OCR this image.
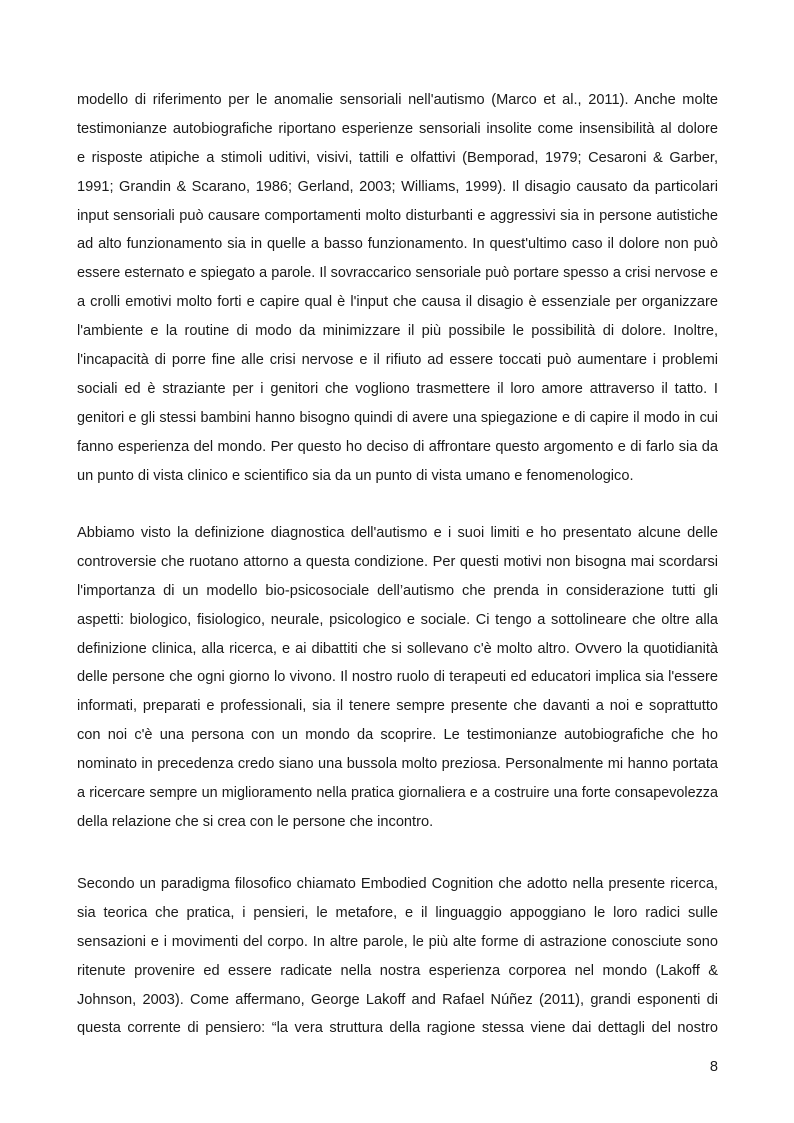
modello di riferimento per le anomalie sensoriali nell'autismo (Marco et al., 2011). Anche molte
testimonianze autobiografiche riportano esperienze sensoriali insolite come insensibilità al dolore
e risposte atipiche a stimoli uditivi, visivi, tattili e olfattivi (Bemporad, 1979; Cesaroni & Garber,
1991; Grandin & Scarano, 1986; Gerland, 2003; Williams, 1999). Il disagio causato da particolari
input sensoriali può causare comportamenti molto disturbanti e aggressivi sia in persone autistiche
ad alto funzionamento sia in quelle a basso funzionamento. In quest'ultimo caso il dolore non può
essere esternato e spiegato a parole. Il sovraccarico sensoriale può portare spesso a crisi nervose e
a crolli emotivi molto forti e capire qual è l'input che causa il disagio è essenziale per organizzare
l'ambiente e la routine di modo da minimizzare il più possibile le possibilità di dolore. Inoltre,
l'incapacità di porre fine alle crisi nervose e il rifiuto ad essere toccati può aumentare i problemi
sociali ed è straziante per i genitori che vogliono trasmettere il loro amore attraverso il tatto. I
genitori e gli stessi bambini hanno bisogno quindi di avere una spiegazione e di capire il modo in cui
fanno esperienza del mondo. Per questo ho deciso di affrontare questo argomento e di farlo sia da
un punto di vista clinico e scientifico sia da un punto di vista umano e fenomenologico.
Abbiamo visto la definizione diagnostica dell'autismo e i suoi limiti e ho presentato alcune delle
controversie che ruotano attorno a questa condizione. Per questi motivi non bisogna mai scordarsi
l'importanza di un modello bio-psicosociale dell’autismo che prenda in considerazione tutti gli
aspetti: biologico, fisiologico, neurale, psicologico e sociale. Ci tengo a sottolineare che oltre alla
definizione clinica, alla ricerca, e ai dibattiti che si sollevano c'è molto altro. Ovvero la quotidianità
delle persone che ogni giorno lo vivono. Il nostro ruolo di terapeuti ed educatori implica sia l'essere
informati, preparati e professionali, sia il tenere sempre presente che davanti a noi e soprattutto
con noi c'è una persona con un mondo da scoprire. Le testimonianze autobiografiche che ho
nominato in precedenza credo siano una bussola molto preziosa. Personalmente mi hanno portata
a ricercare sempre un miglioramento nella pratica giornaliera e a costruire una forte consapevolezza
della relazione che si crea con le persone che incontro.
Secondo un paradigma filosofico chiamato Embodied Cognition che adotto nella presente ricerca,
sia teorica che pratica, i pensieri, le metafore, e il linguaggio appoggiano le loro radici sulle
sensazioni e i movimenti del corpo. In altre parole, le più alte forme di astrazione conosciute sono
ritenute provenire ed essere radicate nella nostra esperienza corporea nel mondo (Lakoff &
Johnson, 2003). Come affermano, George Lakoff and Rafael Núñez (2011), grandi esponenti di
questa corrente di pensiero: “la vera struttura della ragione stessa viene dai dettagli del nostro
8
